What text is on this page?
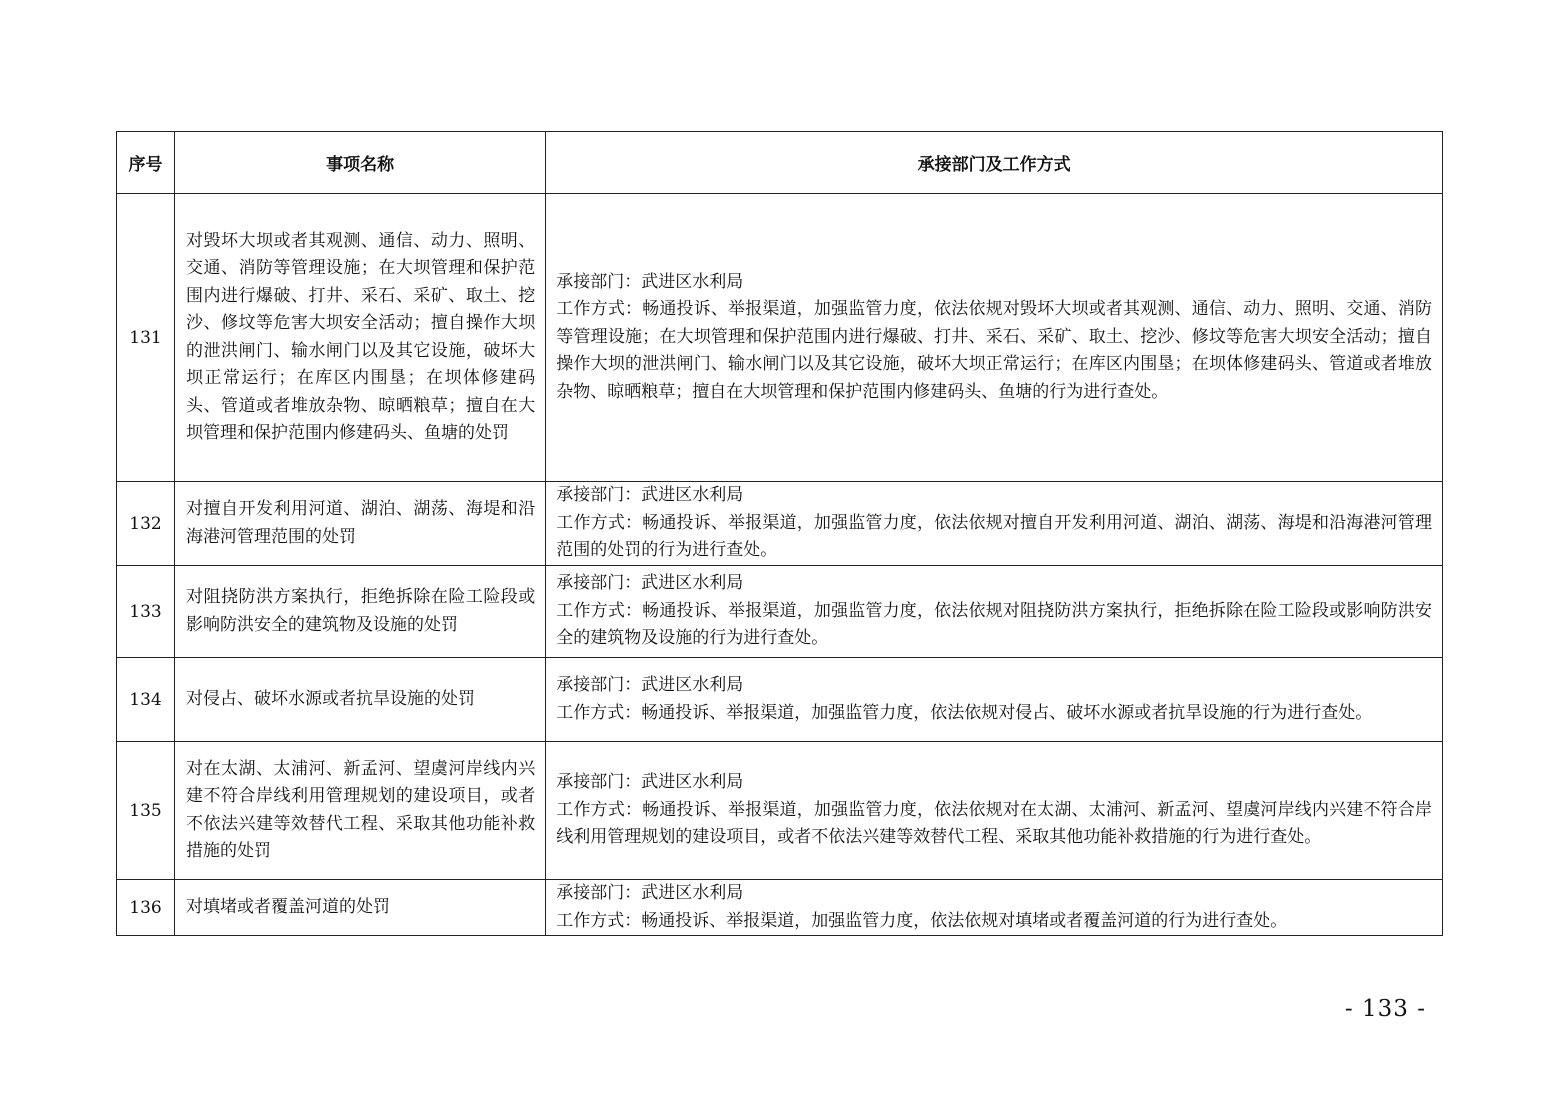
序号	事项名称	承接部门及工作方式
131	对毁坏大坝或者其观测、通信、动力、照明、交通、消防等管理设施；在大坝管理和保护范围内进行爆破、打井、采石、采矿、取土、挖沙、修坟等危害大坝安全活动；擅自操作大坝的泄洪闸门、输水闸门以及其它设施，破坏大坝正常运行；在库区内围垦；在坝体修建码头、管道或者堆放杂物、晾晒粮草；擅自在大坝管理和保护范围内修建码头、鱼塘的处罚	承接部门：武进区水利局
工作方式：畅通投诉、举报渠道，加强监管力度，依法依规对毁坏大坝或者其观测、通信、动力、照明、交通、消防等管理设施；在大坝管理和保护范围内进行爆破、打井、采石、采矿、取土、挖沙、修坟等危害大坝安全活动；擅自操作大坝的泄洪闸门、输水闸门以及其它设施，破坏大坝正常运行；在库区内围垦；在坝体修建码头、管道或者堆放杂物、晾晒粮草；擅自在大坝管理和保护范围内修建码头、鱼塘的行为进行查处。

132	对擅自开发利用河道、湖泊、湖荡、海堤和沿海港河管理范围的处罚	承接部门：武进区水利局
工作方式：畅通投诉、举报渠道，加强监管力度，依法依规对擅自开发利用河道、湖泊、湖荡、海堤和沿海港河管理范围的处罚的行为进行查处。

133	对阻挠防洪方案执行，拒绝拆除在险工险段或影响防洪安全的建筑物及设施的处罚	承接部门：武进区水利局
工作方式：畅通投诉、举报渠道，加强监管力度，依法依规对阻挠防洪方案执行，拒绝拆除在险工险段或影响防洪安全的建筑物及设施的行为进行查处。

134	对侵占、破坏水源或者抗旱设施的处罚	承接部门：武进区水利局
工作方式：畅通投诉、举报渠道，加强监管力度，依法依规对侵占、破坏水源或者抗旱设施的行为进行查处。

135	对在太湖、太浦河、新孟河、望虞河岸线内兴建不符合岸线利用管理规划的建设项目，或者不依法兴建等效替代工程、采取其他功能补救措施的处罚	承接部门：武进区水利局
工作方式：畅通投诉、举报渠道，加强监管力度，依法依规对在太湖、太浦河、新孟河、望虞河岸线内兴建不符合岸线利用管理规划的建设项目，或者不依法兴建等效替代工程、采取其他功能补救措施的行为进行查处。

136	对填堵或者覆盖河道的处罚	承接部门：武进区水利局
工作方式：畅通投诉、举报渠道，加强监管力度，依法依规对填堵或者覆盖河道的行为进行查处。
- 133 -
